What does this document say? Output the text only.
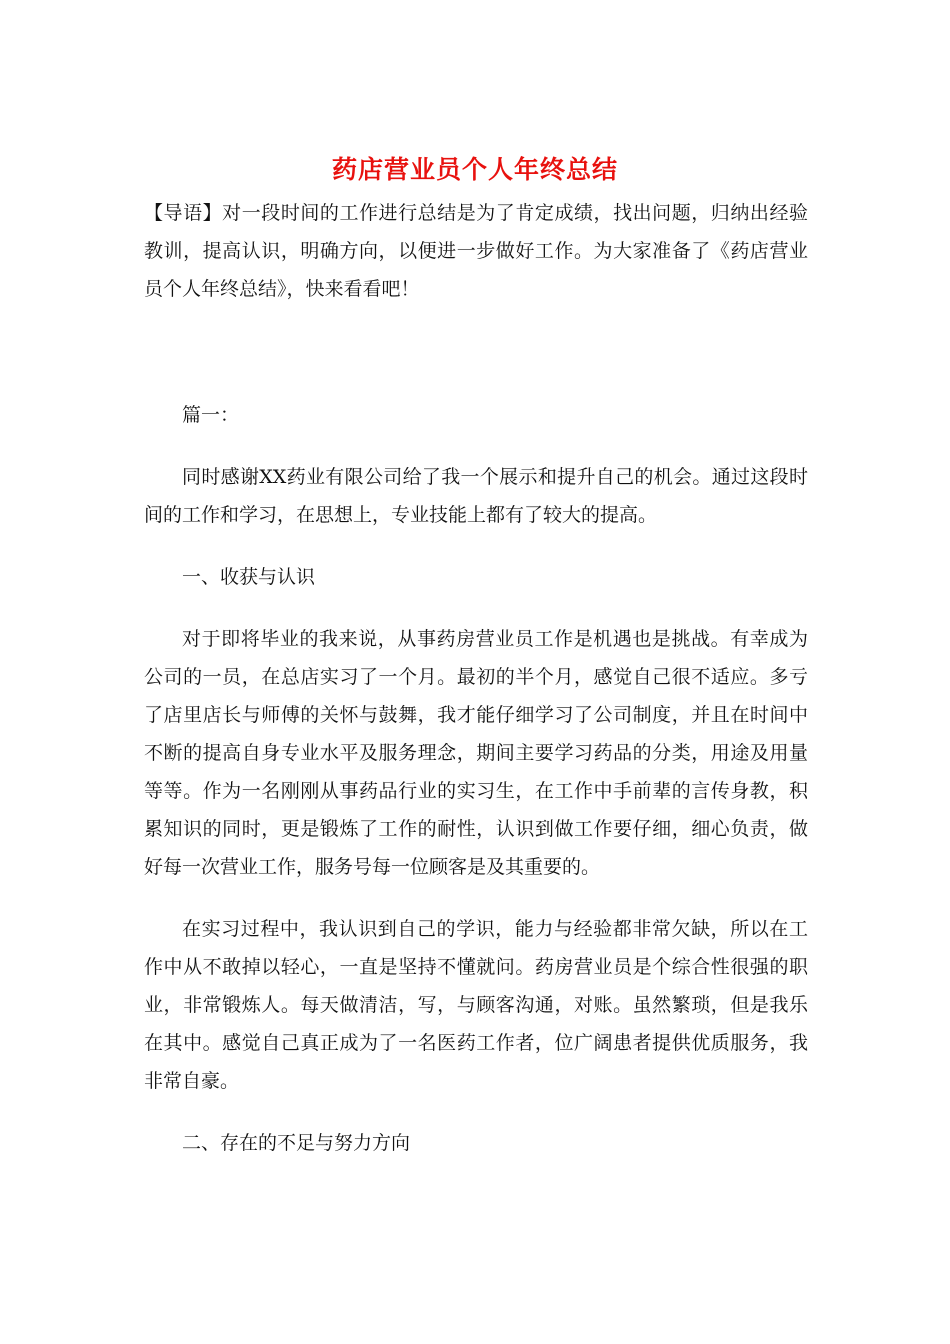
药店营业员个人年终总结

【导语】对一段时间的工作进行总结是为了肯定成绩，找出问题，归纳出经验教训，提高认识，明确方向，以便进一步做好工作。为大家准备了《药店营业员个人年终总结》，快来看看吧！

篇一：

同时感谢XX药业有限公司给了我一个展示和提升自己的机会。通过这段时间的工作和学习，在思想上，专业技能上都有了较大的提高。

一、收获与认识

对于即将毕业的我来说，从事药房营业员工作是机遇也是挑战。有幸成为公司的一员，在总店实习了一个月。最初的半个月，感觉自己很不适应。多亏了店里店长与师傅的关怀与鼓舞，我才能仔细学习了公司制度，并且在时间中不断的提高自身专业水平及服务理念，期间主要学习药品的分类，用途及用量等等。作为一名刚刚从事药品行业的实习生，在工作中手前辈的言传身教，积累知识的同时，更是锻炼了工作的耐性，认识到做工作要仔细，细心负责，做好每一次营业工作，服务号每一位顾客是及其重要的。

在实习过程中，我认识到自己的学识，能力与经验都非常欠缺，所以在工作中从不敢掉以轻心，一直是坚持不懂就问。药房营业员是个综合性很强的职业，非常锻炼人。每天做清洁，写，与顾客沟通，对账。虽然繁琐，但是我乐在其中。感觉自己真正成为了一名医药工作者，位广阔患者提供优质服务，我非常自豪。

二、存在的不足与努力方向
